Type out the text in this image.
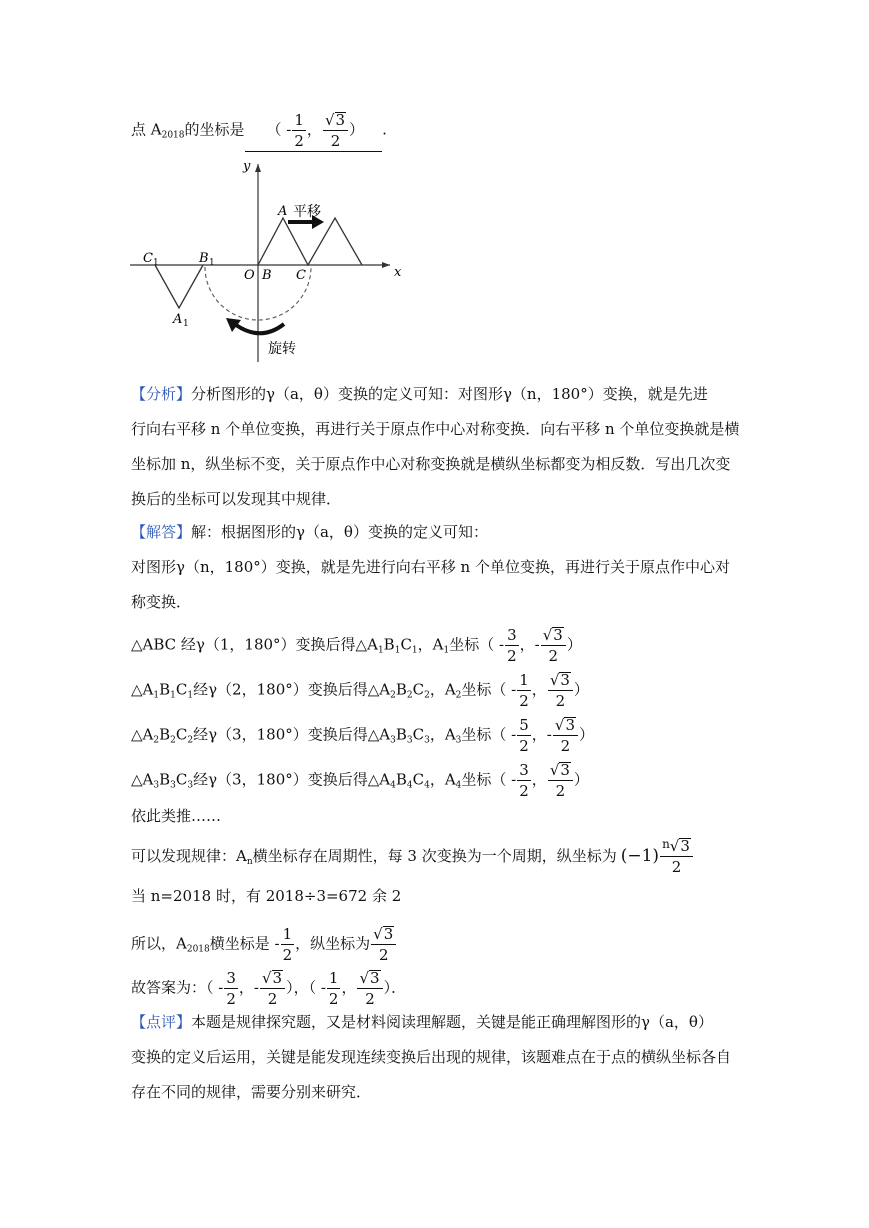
点 $A_{2018}$的坐标是 （ - $\frac{1}{2}$ ， $\frac{√3}{2}$ ） .
y
x
A 平移
C 1	B 1
O B C
A 1
旋转
【分析】分析图形的γ（a，θ）变换的定义可知：对图形γ（n，180°）变换，就是先进
行向右平移 n 个单位变换，再进行关于原点作中心对称变换．向右平移 n 个单位变换就是横
坐标加 n，纵坐标不变，关于原点作中心对称变换就是横纵坐标都变为相反数．写出几次变
换后的坐标可以发现其中规律．
【解答】解：根据图形的γ（a，θ）变换的定义可知：
对图形γ（n，180°）变换，就是先进行向右平移 n 个单位变换，再进行关于原点作中心对
称变换．
△ABC 经γ（1，180°）变换后得$\triangle A_1B_1C_1$，$A_1$坐标（ - $\frac{3}{2}$ ，- $\frac{√3}{2}$ ）
$\triangle A_1B_1C_1$经γ（2，180°）变换后得$\triangle A_2B_2C_2$，$A_2$坐标（ - $\frac{1}{2}$ ， $\frac{√3}{2}$ ）
$\triangle A_2B_2C_2$经γ（3，180°）变换后得$\triangle A_3B_3C_3$，$A_3$坐标（ - $\frac{5}{2}$ ，- $\frac{√3}{2}$ ）
$\triangle A_3B_3C_3$经γ（3，180°）变换后得$\triangle A_4B_4C_4$，$A_4$坐标（ - $\frac{3}{2}$ ， $\frac{√3}{2}$ ）
依此类推……
可以发现规律：$A_n$横坐标存在周期性，每 3 次变换为一个周期，纵坐标为 $(-1) \frac{^n√3}{2}$
当 n=2018 时，有 2018÷3=672 余 2
所以，$A_{2018}$横坐标是 - $\frac{1}{2}$ ，纵坐标为 $\frac{√3}{2}$
故答案为：（ - $\frac{3}{2}$ ，- $\frac{√3}{2}$ ），（ - $\frac{1}{2}$ ， $\frac{√3}{2}$ ）．
【点评】本题是规律探究题，又是材料阅读理解题，关键是能正确理解图形的γ（a，θ）
变换的定义后运用，关键是能发现连续变换后出现的规律，该题难点在于点的横纵坐标各自
存在不同的规律，需要分别来研究．
